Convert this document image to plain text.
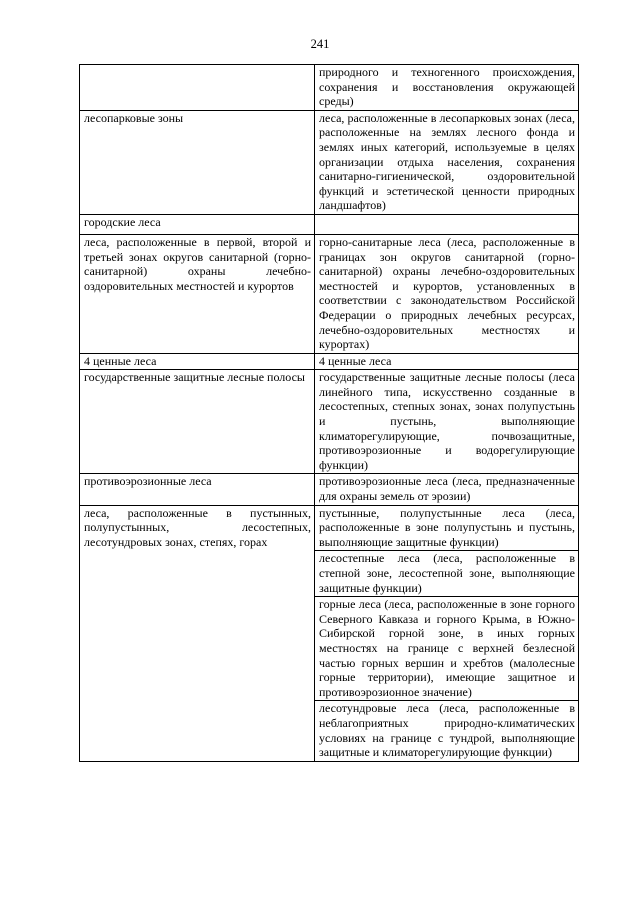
241
	природного и техногенного происхождения, сохранения и восстановления окружающей среды)
лесопарковые зоны	леса, расположенные в лесопарковых зонах (леса, расположенные на землях лесного фонда и землях иных категорий, используемые в целях организации отдыха населения, сохранения санитарно-гигиенической, оздоровительной функций и эстетической ценности природных ландшафтов)
городские леса	
леса, расположенные в первой, второй и третьей зонах округов санитарной (горно-санитарной) охраны лечебно-оздоровительных местностей и курортов	горно-санитарные леса (леса, расположенные в границах зон округов санитарной (горно-санитарной) охраны лечебно-оздоровительных местностей и курортов, установленных в соответствии с законодательством Российской Федерации о природных лечебных ресурсах, лечебно-оздоровительных местностях и курортах)
4 ценные леса	4 ценные леса
государственные защитные лесные полосы	государственные защитные лесные полосы (леса линейного типа, искусственно созданные в лесостепных, степных зонах, зонах полупустынь и пустынь, выполняющие климаторегулирующие, почвозащитные, противоэрозионные и водорегулирующие функции)
противоэрозионные леса	противоэрозионные леса (леса, предназначенные для охраны земель от эрозии)
леса, расположенные в пустынных, полупустынных, лесостепных, лесотундровых зонах, степях, горах	пустынные, полупустынные леса (леса, расположенные в зоне полупустынь и пустынь, выполняющие защитные функции)
	лесостепные леса (леса, расположенные в степной зоне, лесостепной зоне, выполняющие защитные функции)
	горные леса (леса, расположенные в зоне горного Северного Кавказа и горного Крыма, в Южно-Сибирской горной зоне, в иных горных местностях на границе с верхней безлесной частью горных вершин и хребтов (малолесные горные территории), имеющие защитное и противоэрозионное значение)
	лесотундровые леса (леса, расположенные в неблагоприятных природно-климатических условиях на границе с тундрой, выполняющие защитные и климаторегулирующие функции)
